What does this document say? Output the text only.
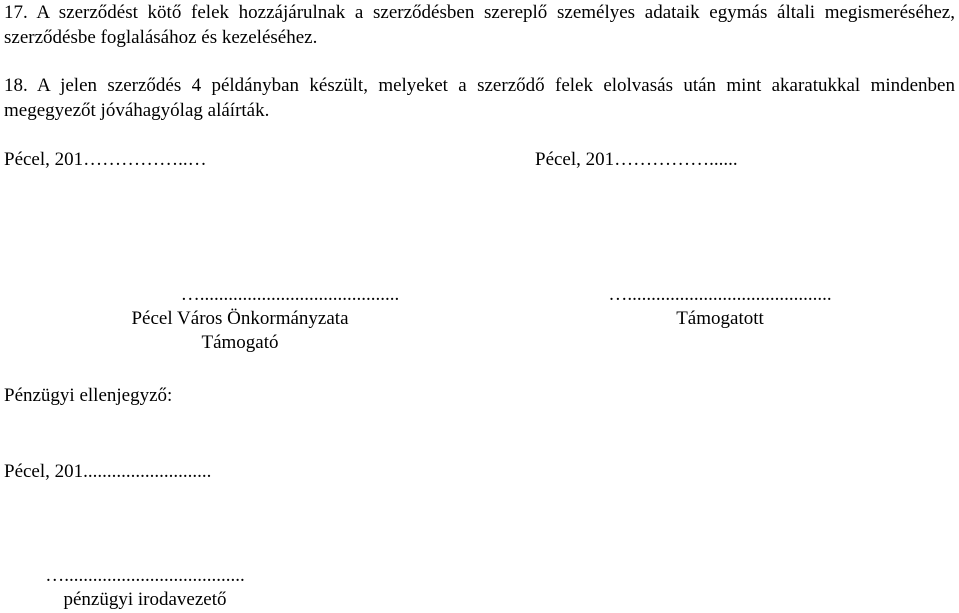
17. A szerződést kötő felek hozzájárulnak a szerződésben szereplő személyes adataik egymás általi megismeréséhez, szerződésbe foglalásához és kezeléséhez.

18. A jelen szerződés 4 példányban készült, melyeket a szerződő felek elolvasás után mint akaratukkal mindenben megegyezőt jóváhagyólag aláírták.

Pécel, 201……………..…	Pécel, 201……………......
…..........................................
Pécel Város Önkormányzata
Támogató
…...........................................
Támogatott
Pénzügyi ellenjegyző:
Pécel, 201...........................
…......................................
pénzügyi irodavezető
